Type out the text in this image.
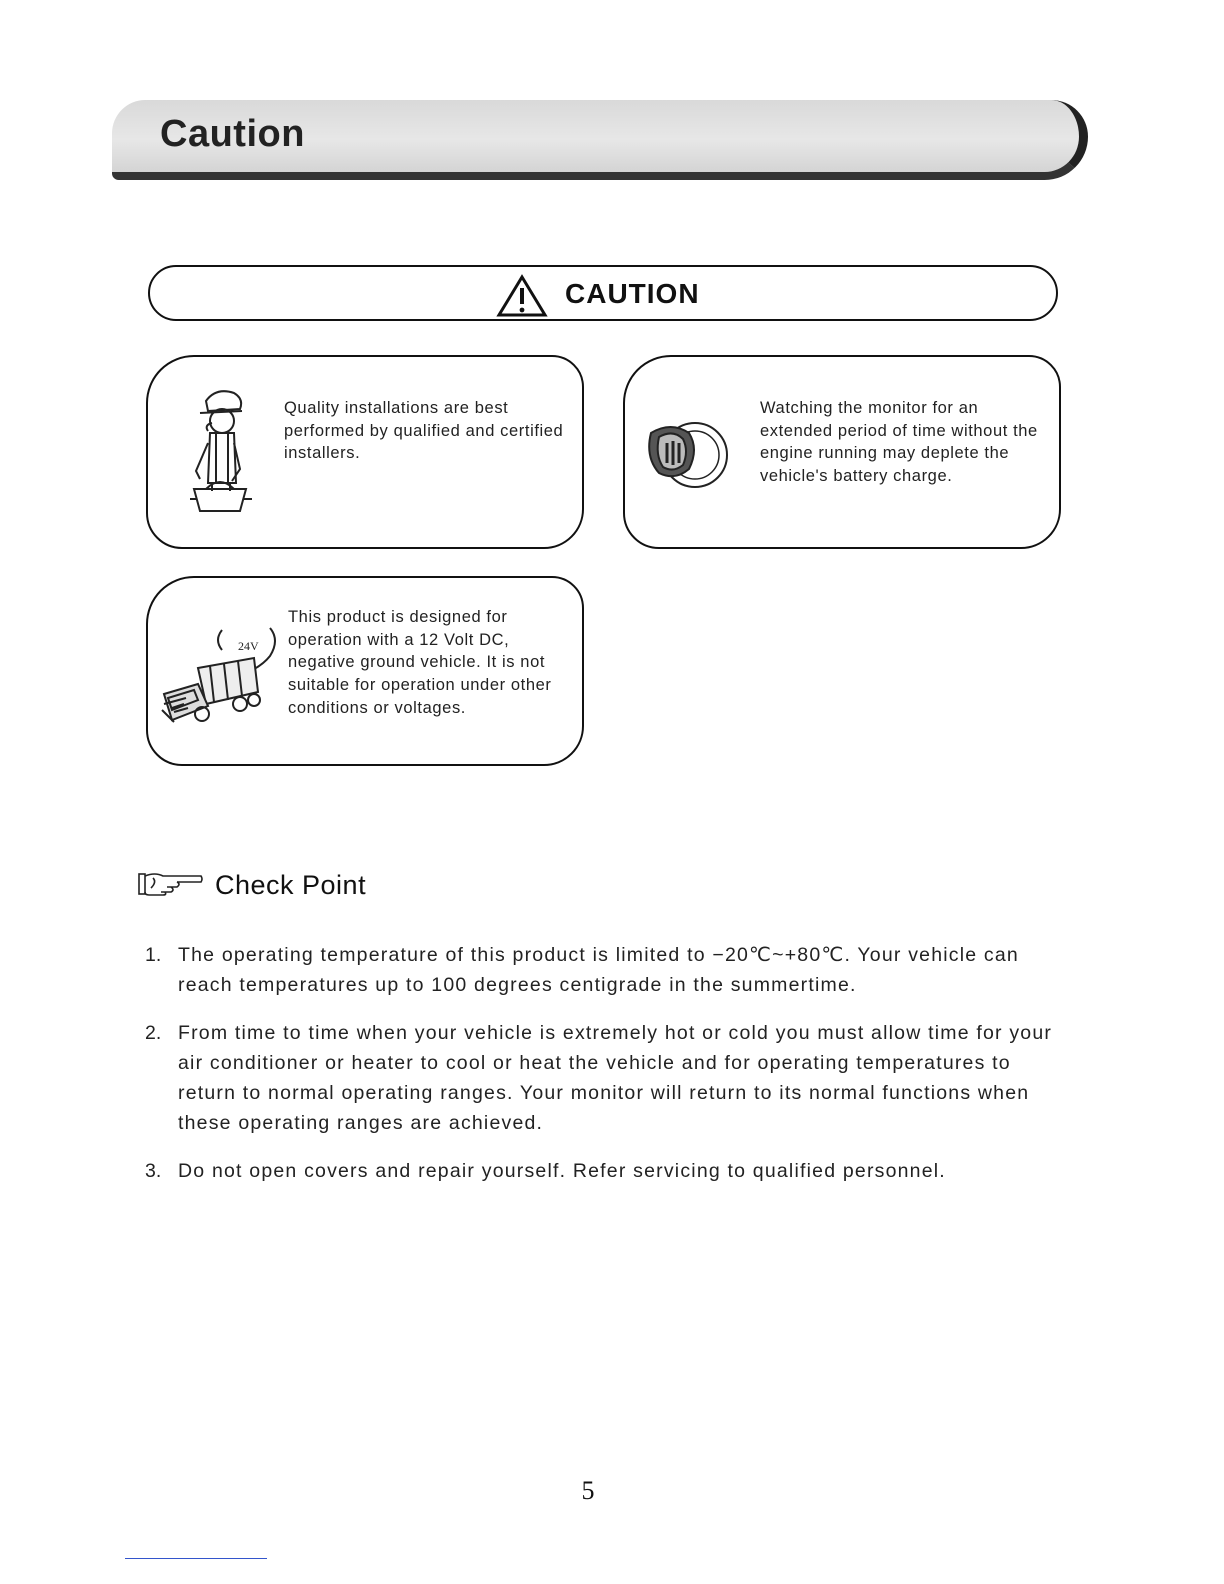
Caution
CAUTION
Quality installations are best performed by qualified and certified installers.
Watching the monitor for an extended period of time without the engine running may deplete the vehicle's battery charge.
24V
This product is designed for operation with a 12 Volt DC, negative ground vehicle. It is not suitable for operation under other conditions or voltages.
Check Point
1. The operating temperature of this product is limited to −20℃~+80℃. Your vehicle can reach temperatures up to 100 degrees centigrade in the summertime.
2. From time to time when your vehicle is extremely hot or cold you must allow time for your air conditioner or heater to cool or heat the vehicle and for operating temperatures to return to normal operating ranges. Your monitor will return to its normal functions when these operating ranges are achieved.
3. Do not open covers and repair yourself. Refer servicing to qualified personnel.
5
